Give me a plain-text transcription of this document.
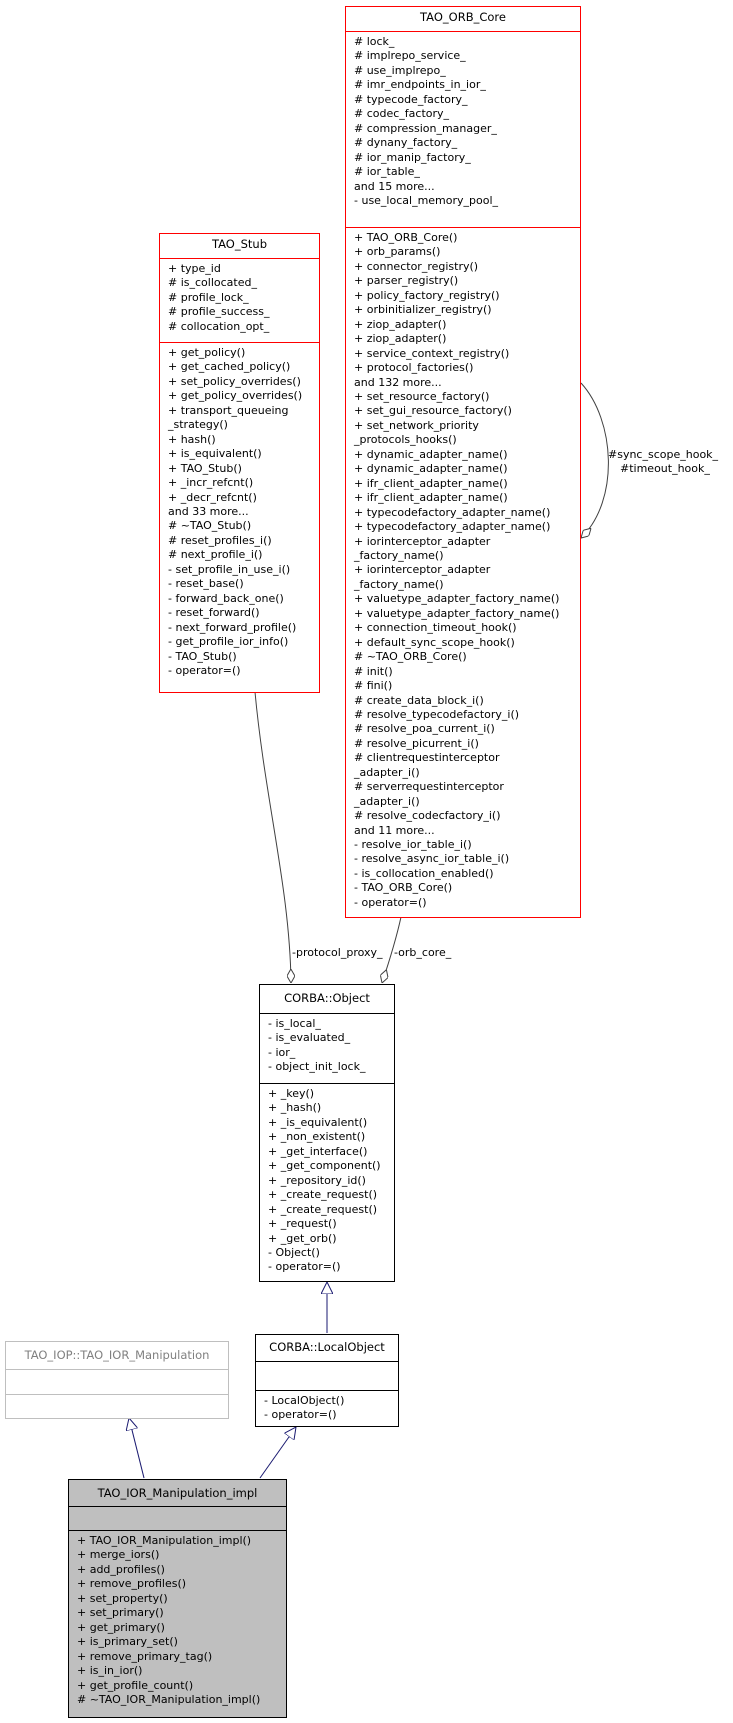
TAO_ORB_Core
# lock_
# implrepo_service_
# use_implrepo_
# imr_endpoints_in_ior_
# typecode_factory_
# codec_factory_
# compression_manager_
# dynany_factory_
# ior_manip_factory_
# ior_table_
and 15 more...
- use_local_memory_pool_
+ TAO_ORB_Core()
+ orb_params()
+ connector_registry()
+ parser_registry()
+ policy_factory_registry()
+ orbinitializer_registry()
+ ziop_adapter()
+ ziop_adapter()
+ service_context_registry()
+ protocol_factories()
and 132 more...
+ set_resource_factory()
+ set_gui_resource_factory()
+ set_network_priority
_protocols_hooks()
+ dynamic_adapter_name()
+ dynamic_adapter_name()
+ ifr_client_adapter_name()
+ ifr_client_adapter_name()
+ typecodefactory_adapter_name()
+ typecodefactory_adapter_name()
+ iorinterceptor_adapter
_factory_name()
+ iorinterceptor_adapter
_factory_name()
+ valuetype_adapter_factory_name()
+ valuetype_adapter_factory_name()
+ connection_timeout_hook()
+ default_sync_scope_hook()
# ~TAO_ORB_Core()
# init()
# fini()
# create_data_block_i()
# resolve_typecodefactory_i()
# resolve_poa_current_i()
# resolve_picurrent_i()
# clientrequestinterceptor
_adapter_i()
# serverrequestinterceptor
_adapter_i()
# resolve_codecfactory_i()
and 11 more...
- resolve_ior_table_i()
- resolve_async_ior_table_i()
- is_collocation_enabled()
- TAO_ORB_Core()
- operator=()
TAO_Stub
+ type_id
# is_collocated_
# profile_lock_
# profile_success_
# collocation_opt_
+ get_policy()
+ get_cached_policy()
+ set_policy_overrides()
+ get_policy_overrides()
+ transport_queueing
_strategy()
+ hash()
+ is_equivalent()
+ TAO_Stub()
+ _incr_refcnt()
+ _decr_refcnt()
and 33 more...
# ~TAO_Stub()
# reset_profiles_i()
# next_profile_i()
- set_profile_in_use_i()
- reset_base()
- forward_back_one()
- reset_forward()
- next_forward_profile()
- get_profile_ior_info()
- TAO_Stub()
- operator=()
CORBA::Object
- is_local_
- is_evaluated_
- ior_
- object_init_lock_
+ _key()
+ _hash()
+ _is_equivalent()
+ _non_existent()
+ _get_interface()
+ _get_component()
+ _repository_id()
+ _create_request()
+ _create_request()
+ _request()
+ _get_orb()
- Object()
- operator=()
CORBA::LocalObject
- LocalObject()
- operator=()
TAO_IOP::TAO_IOR_Manipulation
TAO_IOR_Manipulation_impl
+ TAO_IOR_Manipulation_impl()
+ merge_iors()
+ add_profiles()
+ remove_profiles()
+ set_property()
+ set_primary()
+ get_primary()
+ is_primary_set()
+ remove_primary_tag()
+ is_in_ior()
+ get_profile_count()
# ~TAO_IOR_Manipulation_impl()
#sync_scope_hook_
#timeout_hook_
-protocol_proxy_ -orb_core_
